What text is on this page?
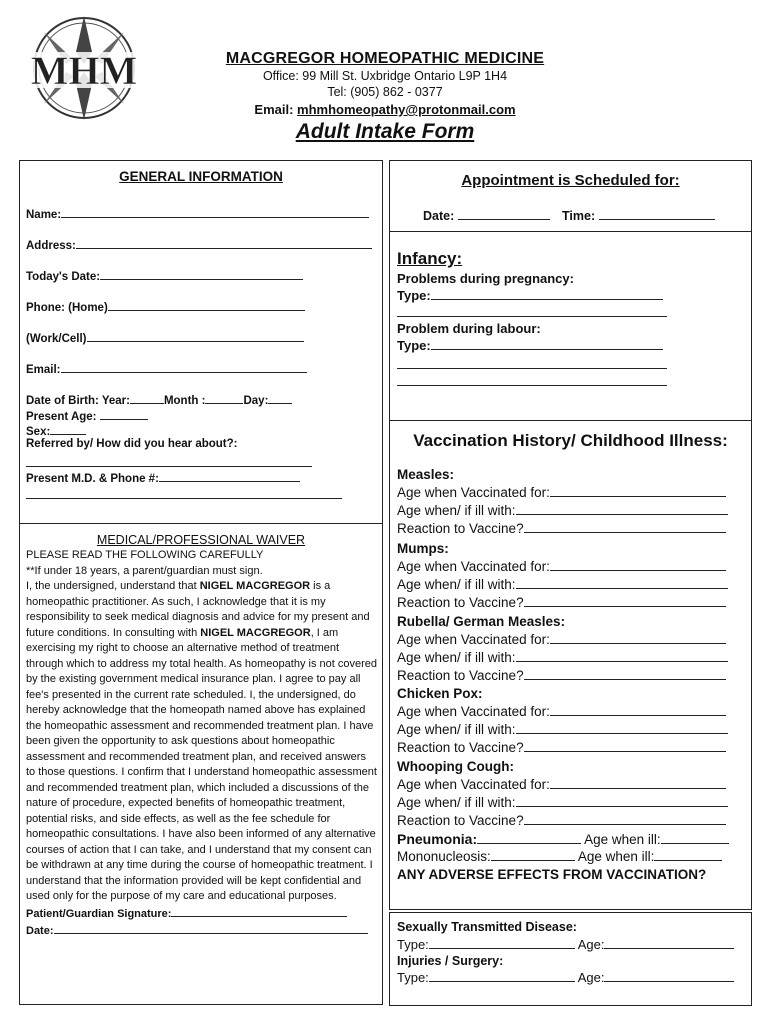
MHM	MACGREGOR HOMEOPATHIC MEDICINE
Office: 99 Mill St. Uxbridge Ontario L9P 1H4
Tel: (905) 862 - 0377
Email: mhmhomeopathy@protonmail.com
Adult Intake Form
GENERAL INFORMATION
Name:
Address:
Today's Date:
Phone: (Home)
(Work/Cell)
Email:
Date of Birth: Year:	Month :	Day:
Present Age:
Sex:
Referred by/ How did you hear about?:
Present M.D. & Phone #:
MEDICAL/PROFESSIONAL WAIVER
PLEASE READ THE FOLLOWING CAREFULLY
**If under 18 years, a parent/guardian must sign.
I, the undersigned, understand that NIGEL MACGREGOR is a homeopathic practitioner. As such, I acknowledge that it is my responsibility to seek medical diagnosis and advice for my present and future conditions. In consulting with NIGEL MACGREGOR, I am exercising my right to choose an alternative method of treatment through which to address my total health. As homeopathy is not covered by the existing government medical insurance plan. I agree to pay all fee's presented in the current rate scheduled. I, the undersigned, do hereby acknowledge that the homeopath named above has explained the homeopathic assessment and recommended treatment plan. I have been given the opportunity to ask questions about homeopathic assessment and recommended treatment plan, and received answers to those questions. I confirm that I understand homeopathic assessment and recommended treatment plan, which included a discussions of the nature of procedure, expected benefits of homeopathic treatment, potential risks, and side effects, as well as the fee schedule for homeopathic consultations. I have also been informed of any alternative courses of action that I can take, and I understand that my consent can be withdrawn at any time during the course of homeopathic treatment. I understand that the information provided will be kept confidential and used only for the purpose of my care and educational purposes.
Patient/Guardian Signature:
Date:
Appointment is Scheduled for:
Date:	Time:
Infancy:
Problems during pregnancy:
Type:
Problem during labour:
Type:
Vaccination History/ Childhood Illness:
Measles:
Age when Vaccinated for:
Age when/ if ill with:
Reaction to Vaccine?
Mumps:
Age when Vaccinated for:
Age when/ if ill with:
Reaction to Vaccine?
Rubella/ German Measles:
Age when Vaccinated for:
Age when/ if ill with:
Reaction to Vaccine?
Chicken Pox:
Age when Vaccinated for:
Age when/ if ill with:
Reaction to Vaccine?
Whooping Cough:
Age when Vaccinated for:
Age when/ if ill with:
Reaction to Vaccine?
Pneumonia:	Age when ill:
Mononucleosis:	Age when ill:
ANY ADVERSE EFFECTS FROM VACCINATION?
Sexually Transmitted Disease:
Type:	Age:
Injuries / Surgery:
Type:	Age:
